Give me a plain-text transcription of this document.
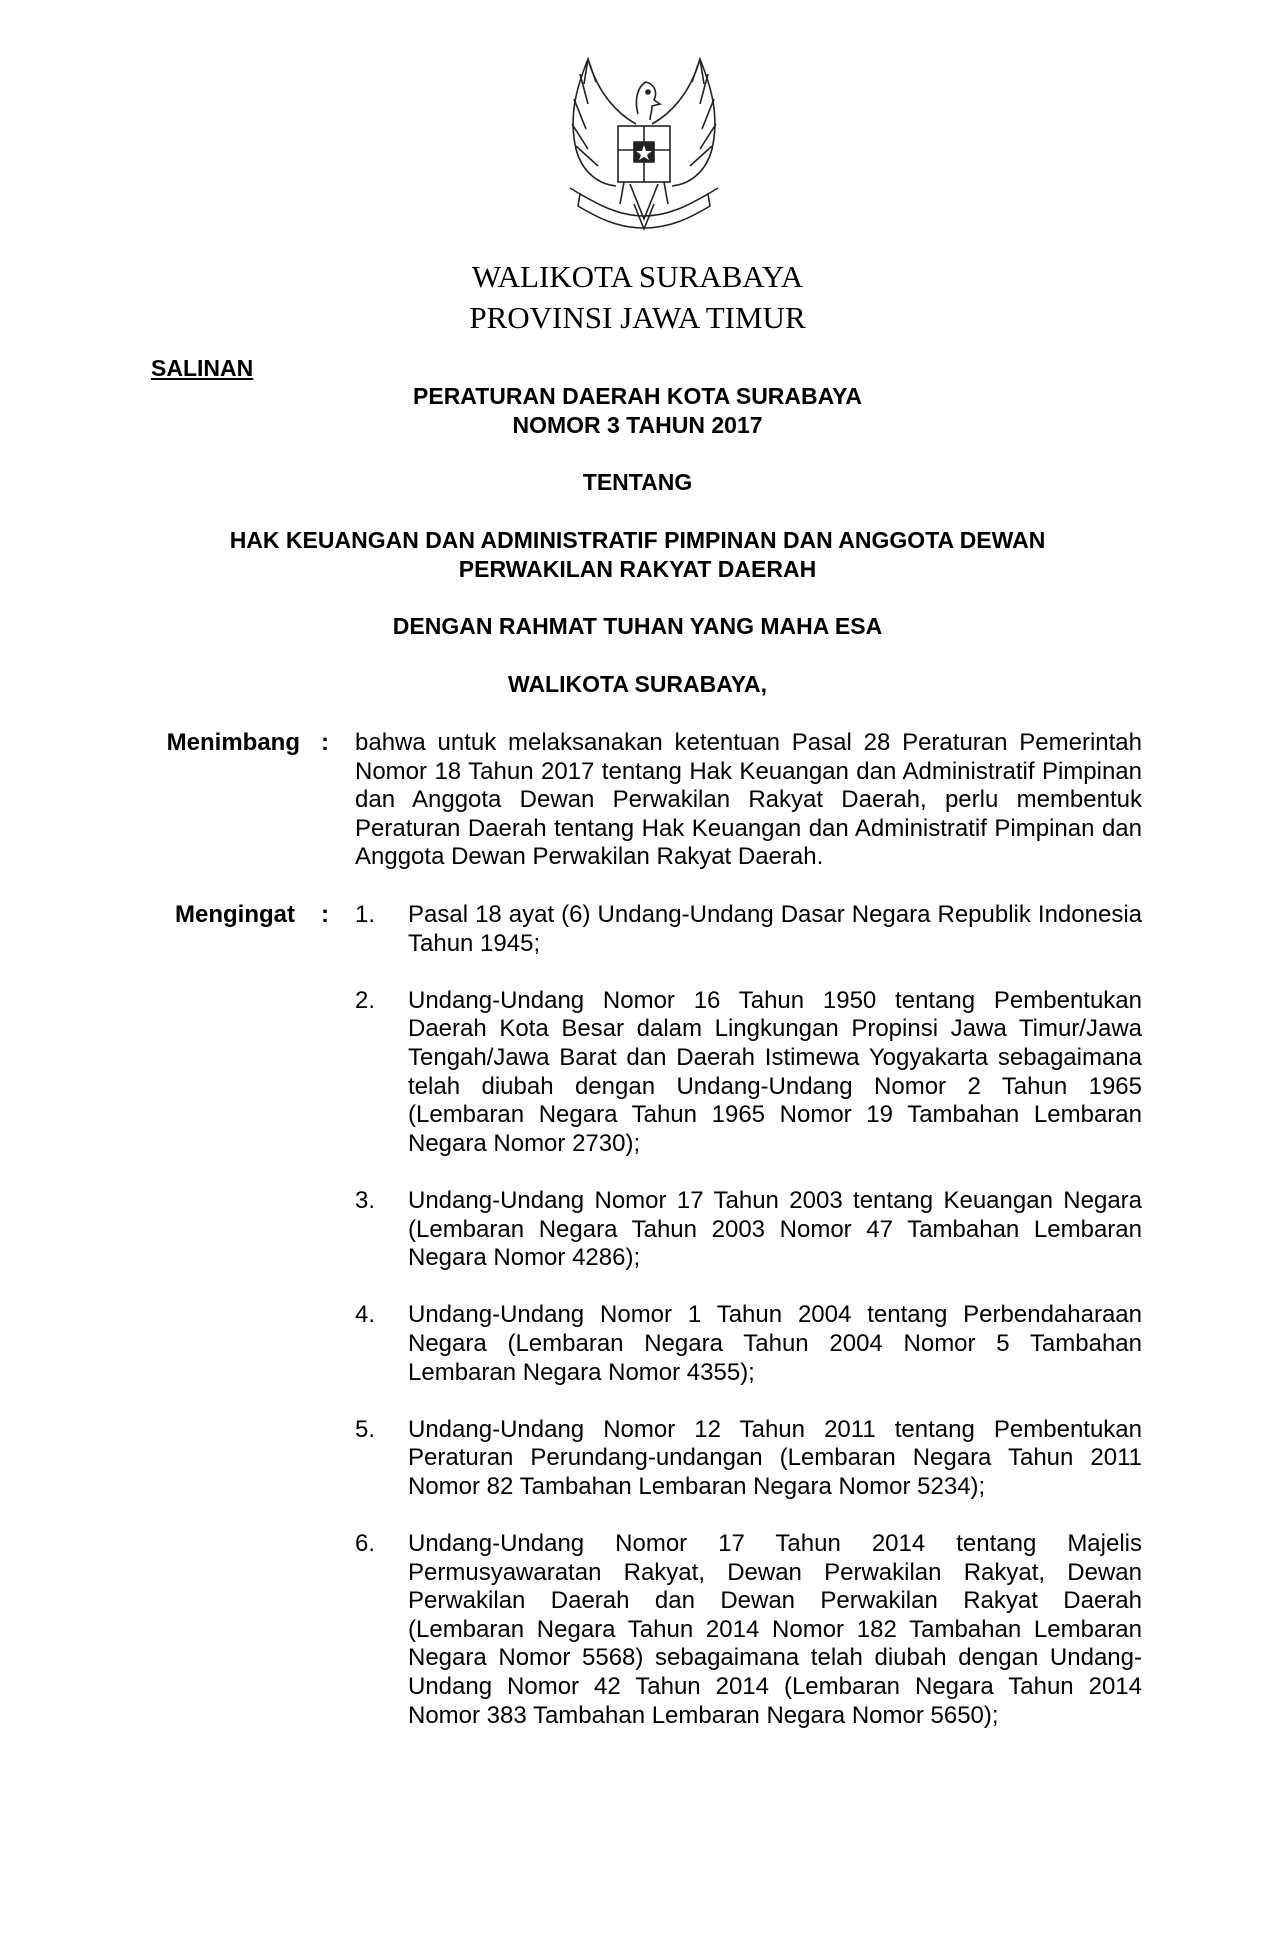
WALIKOTA SURABAYA
PROVINSI JAWA TIMUR
SALINAN
PERATURAN DAERAH KOTA SURABAYA
NOMOR 3 TAHUN 2017
TENTANG
HAK KEUANGAN DAN ADMINISTRATIF PIMPINAN DAN ANGGOTA DEWAN
PERWAKILAN RAKYAT DAERAH
DENGAN RAHMAT TUHAN YANG MAHA ESA
WALIKOTA SURABAYA,
Menimbang : bahwa untuk melaksanakan ketentuan Pasal 28 Peraturan Pemerintah Nomor 18 Tahun 2017 tentang Hak Keuangan dan Administratif Pimpinan dan Anggota Dewan Perwakilan Rakyat Daerah, perlu membentuk Peraturan Daerah tentang Hak Keuangan dan Administratif Pimpinan dan Anggota Dewan Perwakilan Rakyat Daerah.
Mengingat : 1. Pasal 18 ayat (6) Undang-Undang Dasar Negara Republik Indonesia Tahun 1945;
2. Undang-Undang Nomor 16 Tahun 1950 tentang Pembentukan Daerah Kota Besar dalam Lingkungan Propinsi Jawa Timur/Jawa Tengah/Jawa Barat dan Daerah Istimewa Yogyakarta sebagaimana telah diubah dengan Undang-Undang Nomor 2 Tahun 1965 (Lembaran Negara Tahun 1965 Nomor 19 Tambahan Lembaran Negara Nomor 2730);
3. Undang-Undang Nomor 17 Tahun 2003 tentang Keuangan Negara (Lembaran Negara Tahun 2003 Nomor 47 Tambahan Lembaran Negara Nomor 4286);
4. Undang-Undang Nomor 1 Tahun 2004 tentang Perbendaharaan Negara (Lembaran Negara Tahun 2004 Nomor 5 Tambahan Lembaran Negara Nomor 4355);
5. Undang-Undang Nomor 12 Tahun 2011 tentang Pembentukan Peraturan Perundang-undangan (Lembaran Negara Tahun 2011 Nomor 82 Tambahan Lembaran Negara Nomor 5234);
6. Undang-Undang Nomor 17 Tahun 2014 tentang Majelis Permusyawaratan Rakyat, Dewan Perwakilan Rakyat, Dewan Perwakilan Daerah dan Dewan Perwakilan Rakyat Daerah (Lembaran Negara Tahun 2014 Nomor 182 Tambahan Lembaran Negara Nomor 5568) sebagaimana telah diubah dengan Undang-Undang Nomor 42 Tahun 2014 (Lembaran Negara Tahun 2014 Nomor 383 Tambahan Lembaran Negara Nomor 5650);
